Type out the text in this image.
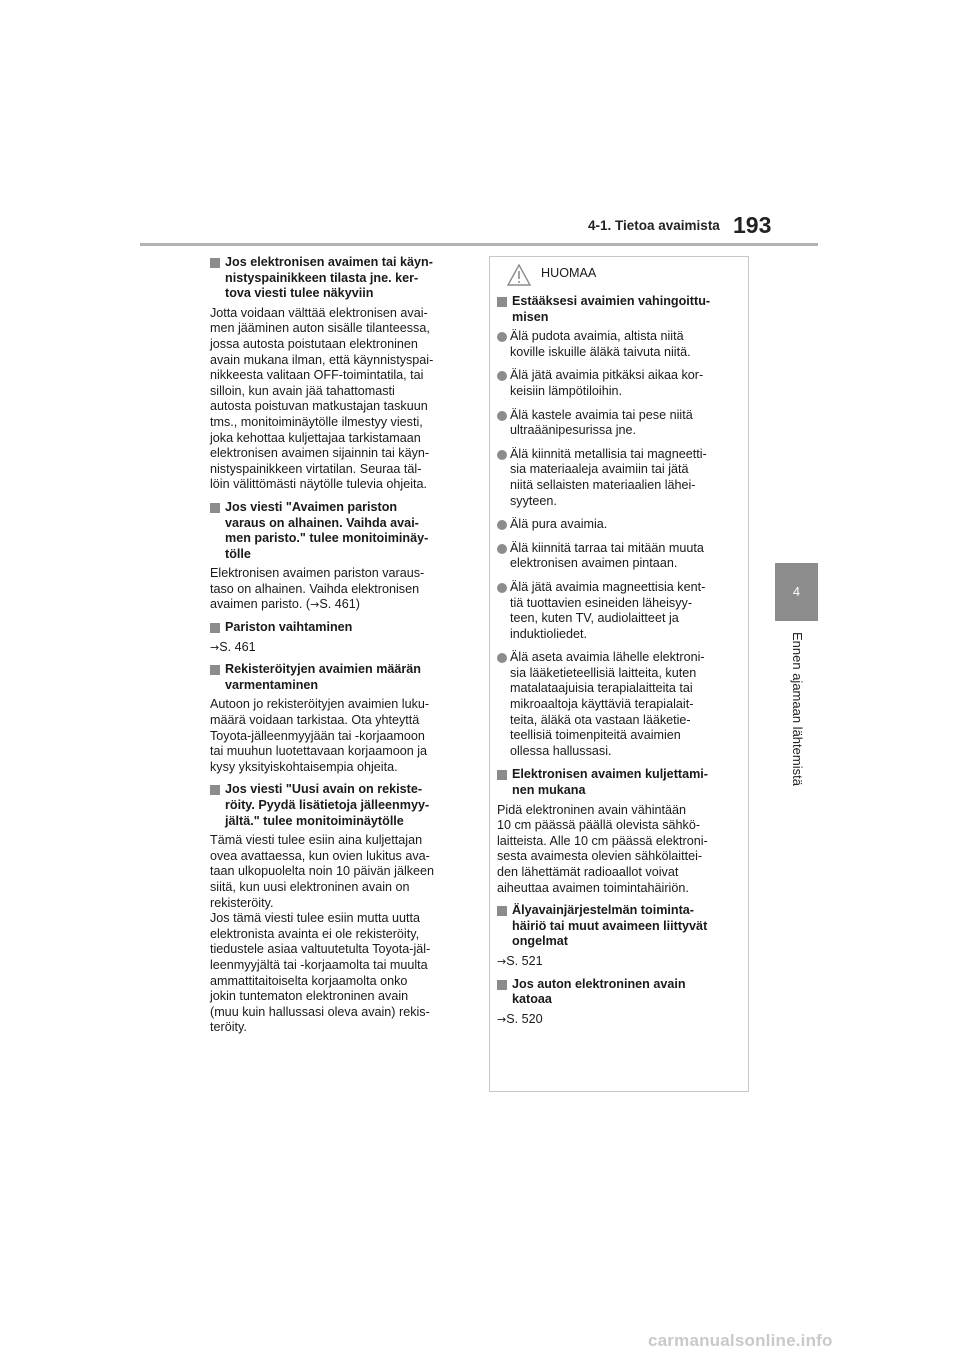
4-1. Tietoa avaimista 193
4
Ennen ajamaan lähtemistä
Jos elektronisen avaimen tai käyn-
nistyspainikkeen tilasta jne. ker-
tova viesti tulee näkyviin
Jotta voidaan välttää elektronisen avai-
men jääminen auton sisälle tilanteessa,
jossa autosta poistutaan elektroninen
avain mukana ilman, että käynnistyspai-
nikkeesta valitaan OFF-toimintatila, tai
silloin, kun avain jää tahattomasti
autosta poistuvan matkustajan taskuun
tms., monitoiminäytölle ilmestyy viesti,
joka kehottaa kuljettajaa tarkistamaan
elektronisen avaimen sijainnin tai käyn-
nistyspainikkeen virtatilan. Seuraa täl-
löin välittömästi näytölle tulevia ohjeita.
Jos viesti "Avaimen pariston
varaus on alhainen. Vaihda avai-
men paristo." tulee monitoiminäy-
tölle
Elektronisen avaimen pariston varaus-
taso on alhainen. Vaihda elektronisen
avaimen paristo. (→S. 461)
Pariston vaihtaminen
→S. 461
Rekisteröityjen avaimien määrän
varmentaminen
Autoon jo rekisteröityjen avaimien luku-
määrä voidaan tarkistaa. Ota yhteyttä
Toyota-jälleenmyyjään tai -korjaamoon
tai muuhun luotettavaan korjaamoon ja
kysy yksityiskohtaisempia ohjeita.
Jos viesti "Uusi avain on rekiste-
röity. Pyydä lisätietoja jälleenmyy-
jältä." tulee monitoiminäytölle
Tämä viesti tulee esiin aina kuljettajan
ovea avattaessa, kun ovien lukitus ava-
taan ulkopuolelta noin 10 päivän jälkeen
siitä, kun uusi elektroninen avain on
rekisteröity.
Jos tämä viesti tulee esiin mutta uutta
elektronista avainta ei ole rekisteröity,
tiedustele asiaa valtuutetulta Toyota-jäl-
leenmyyjältä tai -korjaamolta tai muulta
ammattitaitoiselta korjaamolta onko
jokin tuntematon elektroninen avain
(muu kuin hallussasi oleva avain) rekis-
teröity.
HUOMAA
Estääksesi avaimien vahingoittu-
misen
Älä pudota avaimia, altista niitä
koville iskuille äläkä taivuta niitä.
Älä jätä avaimia pitkäksi aikaa kor-
keisiin lämpötiloihin.
Älä kastele avaimia tai pese niitä
ultraäänipesurissa jne.
Älä kiinnitä metallisia tai magneetti-
sia materiaaleja avaimiin tai jätä
niitä sellaisten materiaalien lähei-
syyteen.
Älä pura avaimia.
Älä kiinnitä tarraa tai mitään muuta
elektronisen avaimen pintaan.
Älä jätä avaimia magneettisia kent-
tiä tuottavien esineiden läheisyy-
teen, kuten TV, audiolaitteet ja
induktioliedet.
Älä aseta avaimia lähelle elektroni-
sia lääketieteellisiä laitteita, kuten
matalataajuisia terapialaitteita tai
mikroaaltoja käyttäviä terapialait-
teita, äläkä ota vastaan lääketie-
teellisiä toimenpiteitä avaimien
ollessa hallussasi.
Elektronisen avaimen kuljettami-
nen mukana
Pidä elektroninen avain vähintään
10 cm päässä päällä olevista sähkö-
laitteista. Alle 10 cm päässä elektroni-
sesta avaimesta olevien sähkölaittei-
den lähettämät radioaallot voivat
aiheuttaa avaimen toimintahäiriön.
Älyavainjärjestelmän toiminta-
häiriö tai muut avaimeen liittyvät
ongelmat
→S. 521
Jos auton elektroninen avain
katoaa
→S. 520
carmanualsonline.info
